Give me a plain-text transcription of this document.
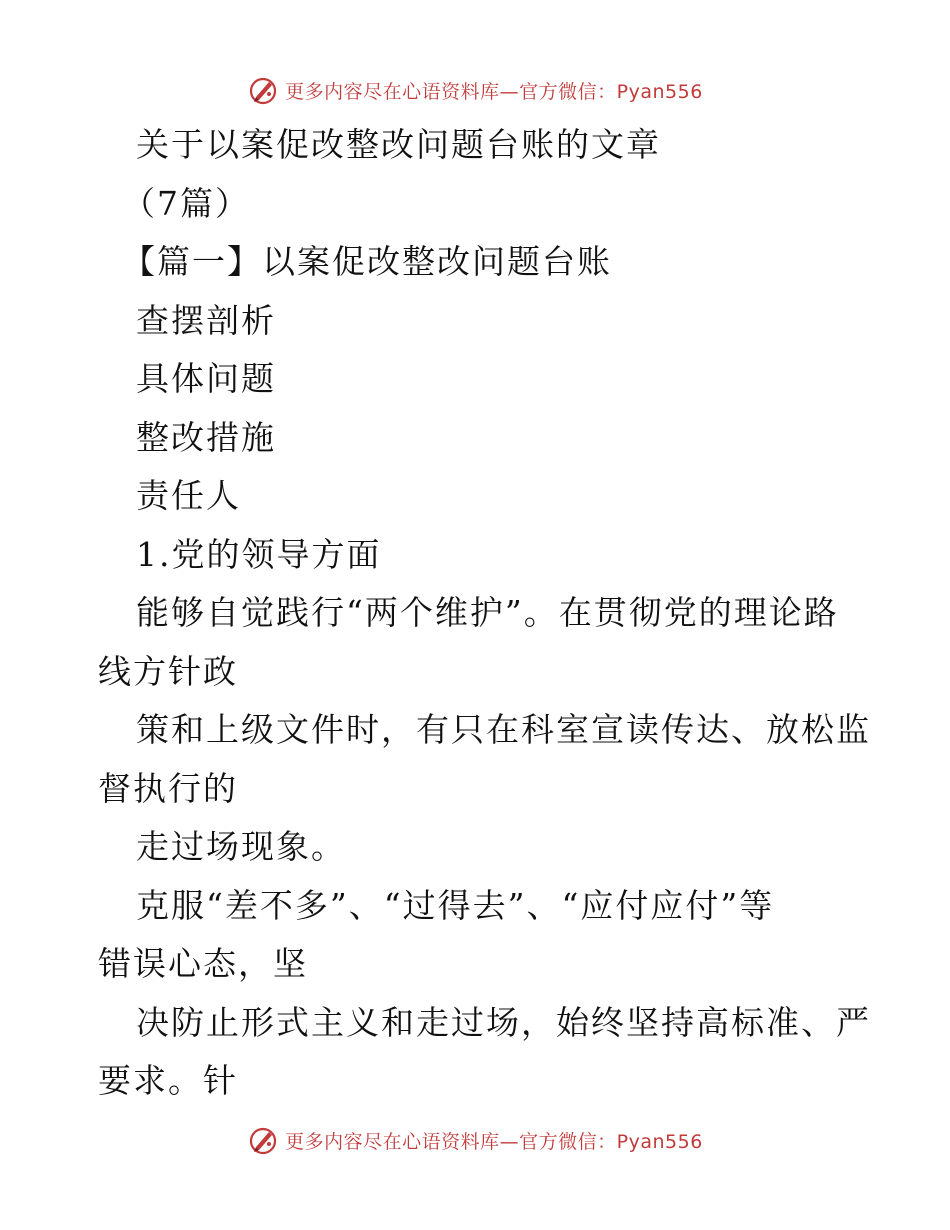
更多内容尽在心语资料库—官方微信：Pyan556

关于以案促改整改问题台账的文章

（7篇）

【篇一】以案促改整改问题台账

查摆剖析

具体问题

整改措施

责任人

1.党的领导方面

能够自觉践行“两个维护”。在贯彻党的理论路

线方针政

策和上级文件时，有只在科室宣读传达、放松监

督执行的

走过场现象。

克服“差不多”、“过得去”、“应付应付”等

错误心态，坚

决防止形式主义和走过场，始终坚持高标准、严

要求。针

更多内容尽在心语资料库—官方微信：Pyan556
